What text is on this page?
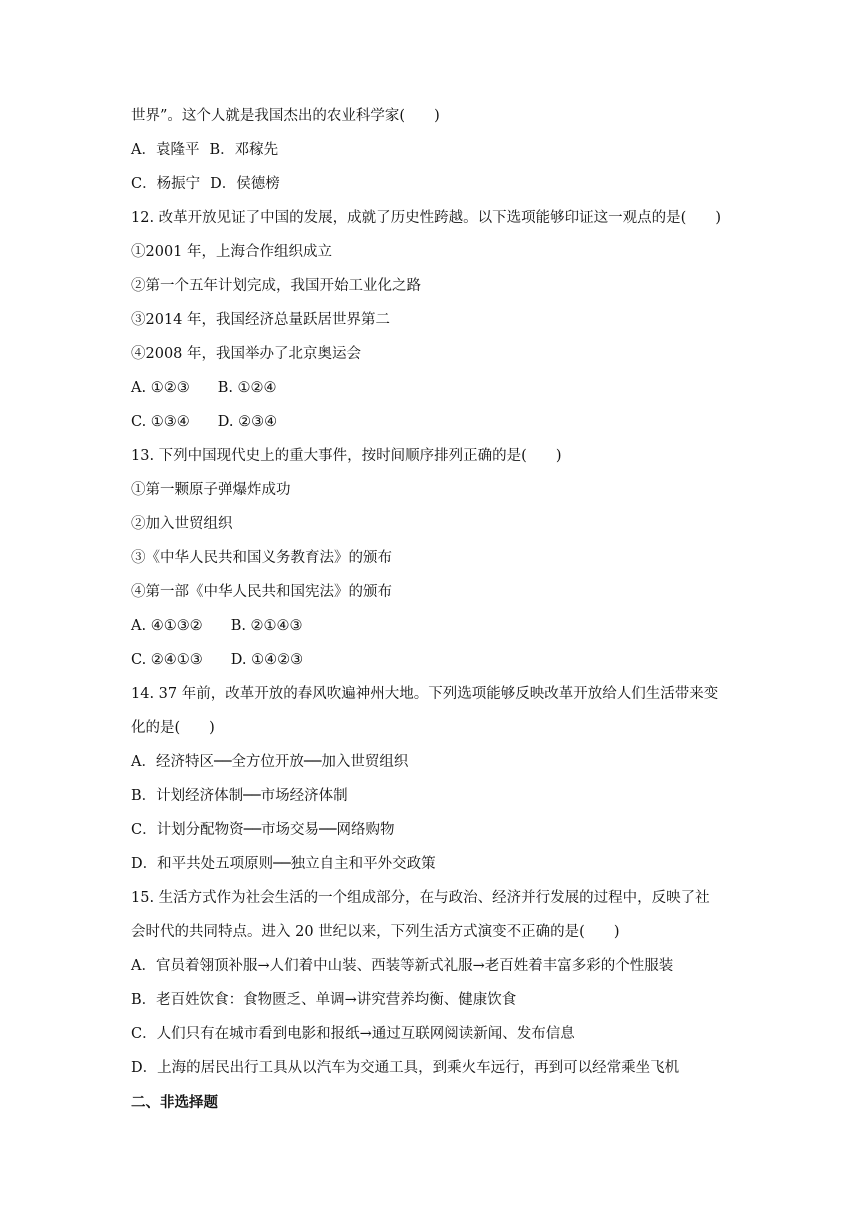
世界”。这个人就是我国杰出的农业科学家(　　)
A．袁隆平 B．邓稼先
C．杨振宁 D．侯德榜
12. 改革开放见证了中国的发展，成就了历史性跨越。以下选项能够印证这一观点的是(　　)
①2001 年，上海合作组织成立
②第一个五年计划完成，我国开始工业化之路
③2014 年，我国经济总量跃居世界第二
④2008 年，我国举办了北京奥运会
A. ①②③ B. ①②④
C. ①③④ D. ②③④
13. 下列中国现代史上的重大事件，按时间顺序排列正确的是(　　)
①第一颗原子弹爆炸成功
②加入世贸组织
③《中华人民共和国义务教育法》的颁布
④第一部《中华人民共和国宪法》的颁布
A. ④①③② B. ②①④③
C. ②④①③ D. ①④②③
14. 37 年前，改革开放的春风吹遍神州大地。下列选项能够反映改革开放给人们生活带来变
化的是(　　)
A．经济特区──全方位开放──加入世贸组织
B．计划经济体制──市场经济体制
C．计划分配物资──市场交易──网络购物
D．和平共处五项原则──独立自主和平外交政策
15. 生活方式作为社会生活的一个组成部分，在与政治、经济并行发展的过程中，反映了社
会时代的共同特点。进入 20 世纪以来，下列生活方式演变不正确的是(　　)
A．官员着翎顶补服→人们着中山装、西装等新式礼服→老百姓着丰富多彩的个性服装
B．老百姓饮食：食物匮乏、单调→讲究营养均衡、健康饮食
C．人们只有在城市看到电影和报纸→通过互联网阅读新闻、发布信息
D．上海的居民出行工具从以汽车为交通工具，到乘火车远行，再到可以经常乘坐飞机
二、非选择题
